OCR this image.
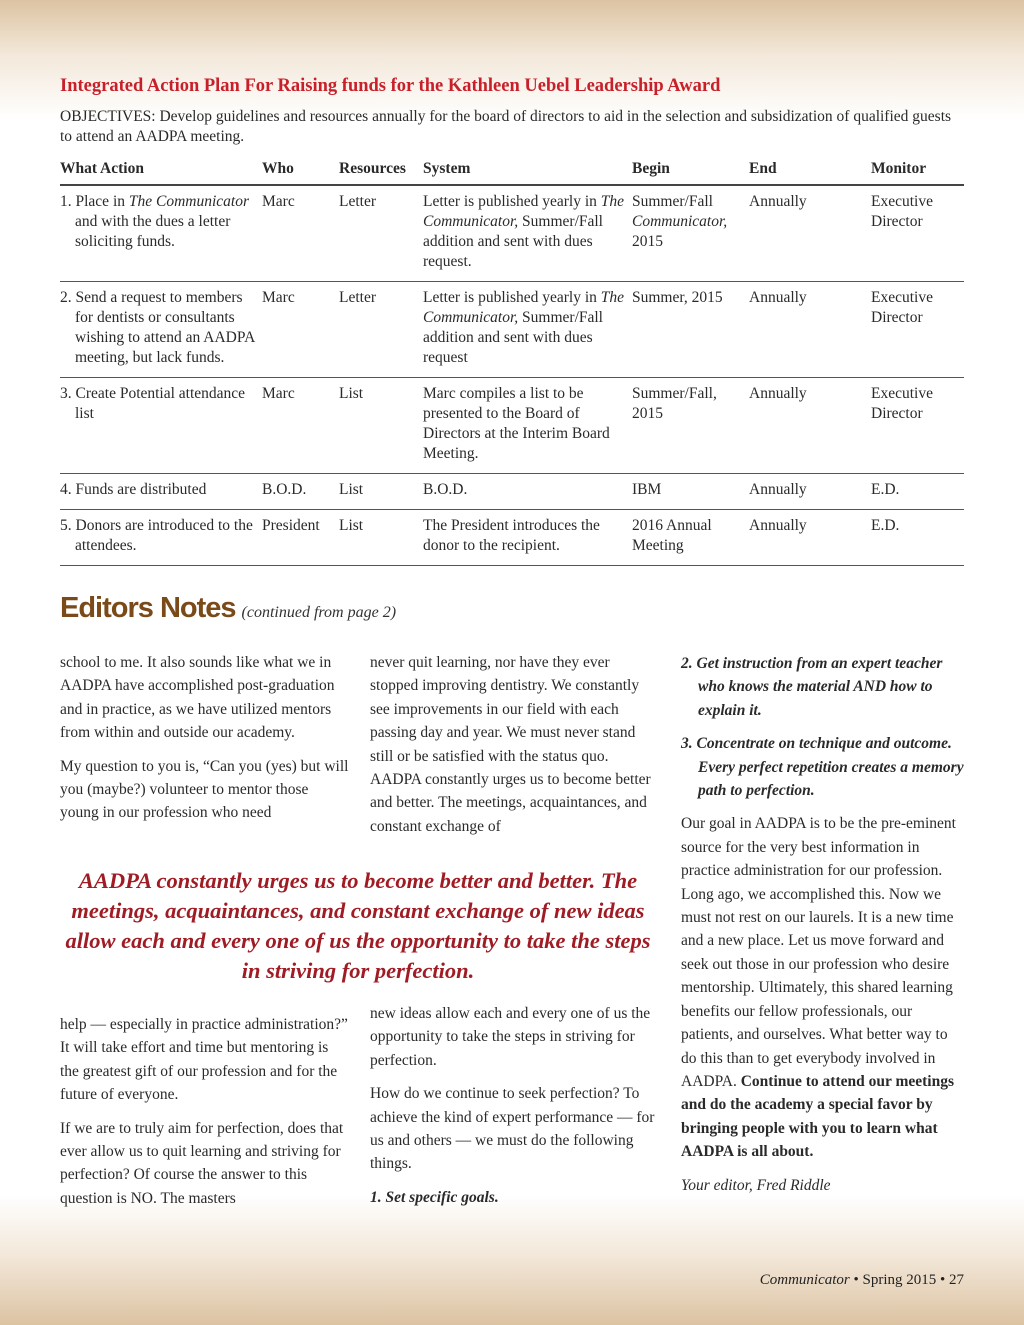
Integrated Action Plan For Raising funds for the Kathleen Uebel Leadership Award
OBJECTIVES: Develop guidelines and resources annually for the board of directors to aid in the selection and subsidization of qualified guests to attend an AADPA meeting.
What Action	Who	Resources	System	Begin	End	Monitor

1. Place in The Communicator and with the dues a letter soliciting funds.	Marc	Letter	Letter is published yearly in The Communicator, Summer/Fall addition and sent with dues request.	Summer/Fall Communicator, 2015	Annually	Executive Director

2. Send a request to members for dentists or consultants wishing to attend an AADPA meeting, but lack funds.	Marc	Letter	Letter is published yearly in The Communicator, Summer/Fall addition and sent with dues request	Summer, 2015	Annually	Executive Director

3. Create Potential attendance list	Marc	List	Marc compiles a list to be presented to the Board of Directors at the Interim Board Meeting.	Summer/Fall, 2015	Annually	Executive Director

4. Funds are distributed	B.O.D.	List	B.O.D.	IBM	Annually	E.D.

5. Donors are introduced to the attendees.	President	List	The President introduces the donor to the recipient.	2016 Annual Meeting	Annually	E.D.
Editors Notes (continued from page 2)

school to me. It also sounds like what we in AADPA have accomplished post-graduation and in practice, as we have utilized mentors from within and outside our academy.

My question to you is, “Can you (yes) but will you (maybe?) volunteer to mentor those young in our profession who need

never quit learning, nor have they ever stopped improving dentistry. We constantly see improvements in our field with each passing day and year. We must never stand still or be satisfied with the status quo. AADPA constantly urges us to become better and better. The meetings, acquaintances, and constant exchange of

AADPA constantly urges us to become better and better. The meetings, acquaintances, and constant exchange of new ideas allow each and every one of us the opportunity to take the steps in striving for perfection.

help — especially in practice administration?” It will take effort and time but mentoring is the greatest gift of our profession and for the future of everyone.

If we are to truly aim for perfection, does that ever allow us to quit learning and striving for perfection? Of course the answer to this question is NO. The masters

new ideas allow each and every one of us the opportunity to take the steps in striving for perfection.

How do we continue to seek perfection? To achieve the kind of expert performance — for us and others — we must do the following things.

1. Set specific goals.

2. Get instruction from an expert teacher who knows the material AND how to explain it.

3. Concentrate on technique and outcome. Every perfect repetition creates a memory path to perfection.

Our goal in AADPA is to be the pre-eminent source for the very best information in practice administration for our profession. Long ago, we accomplished this. Now we must not rest on our laurels. It is a new time and a new place. Let us move forward and seek out those in our profession who desire mentorship. Ultimately, this shared learning benefits our fellow professionals, our patients, and ourselves. What better way to do this than to get everybody involved in AADPA. Continue to attend our meetings and do the academy a special favor by bringing people with you to learn what AADPA is all about.

Your editor, Fred Riddle

Communicator • Spring 2015 • 27
